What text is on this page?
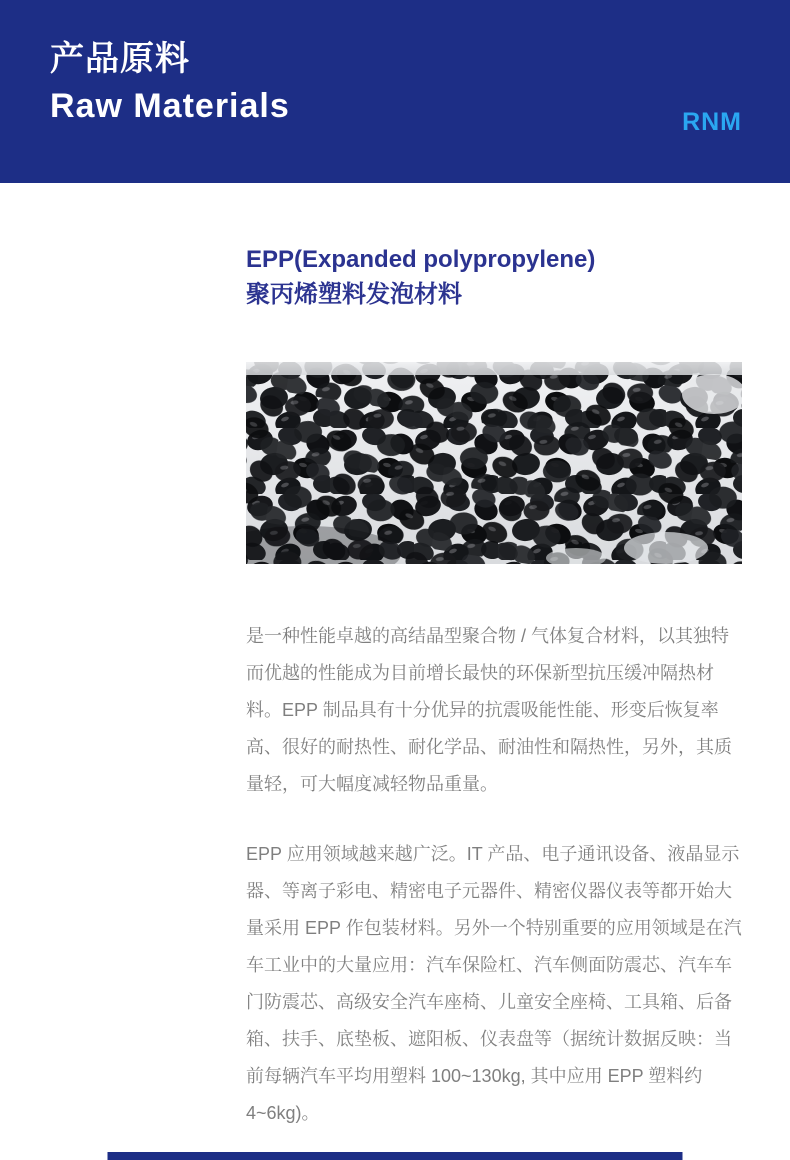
产品原料
Raw Materials	RNM
EPP(Expanded polypropylene)
聚丙烯塑料发泡材料

是一种性能卓越的高结晶型聚合物 / 气体复合材料，以其独特而优越的性能成为目前增长最快的环保新型抗压缓冲隔热材料。EPP 制品具有十分优异的抗震吸能性能、形变后恢复率高、很好的耐热性、耐化学品、耐油性和隔热性，另外，其质量轻，可大幅度减轻物品重量。

EPP 应用领域越来越广泛。IT 产品、电子通讯设备、液晶显示器、等离子彩电、精密电子元器件、精密仪器仪表等都开始大量采用 EPP 作包装材料。另外一个特别重要的应用领域是在汽车工业中的大量应用：汽车保险杠、汽车侧面防震芯、汽车车门防震芯、高级安全汽车座椅、儿童安全座椅、工具箱、后备箱、扶手、底垫板、遮阳板、仪表盘等（据统计数据反映：当前每辆汽车平均用塑料 100~130kg, 其中应用 EPP 塑料约 4~6kg)。
